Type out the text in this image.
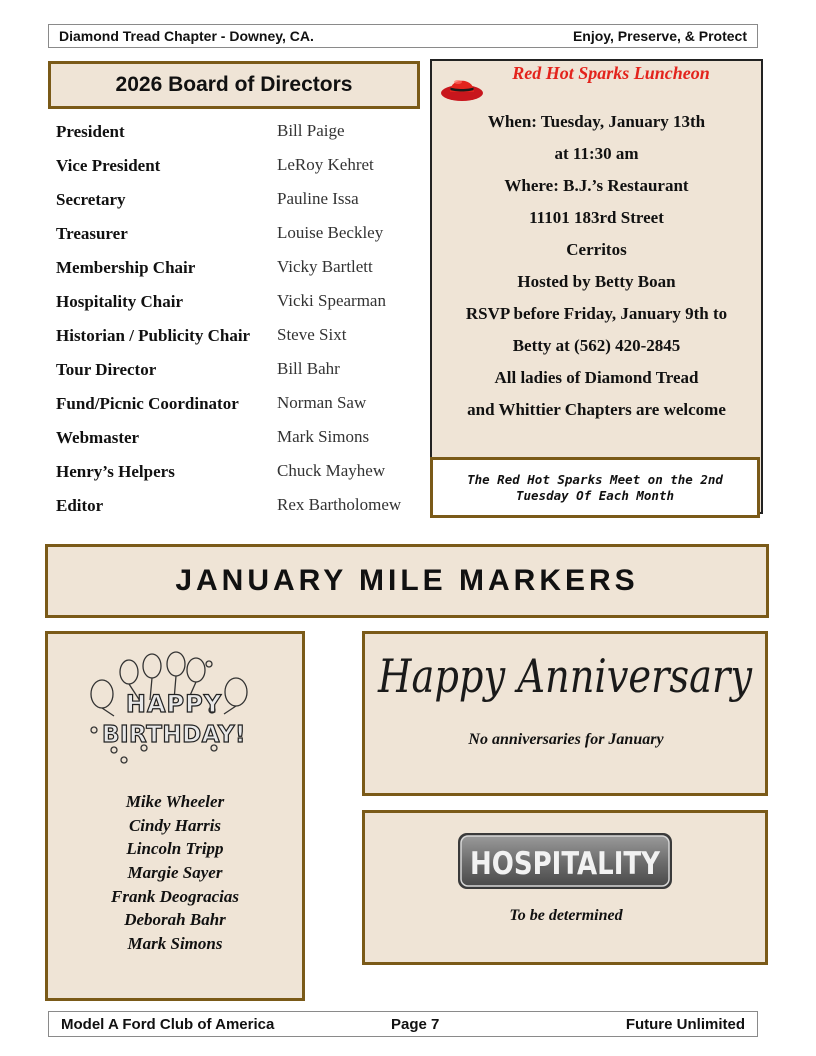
Diamond Tread Chapter - Downey, CA.	Enjoy, Preserve, & Protect
2026 Board of Directors
President	Bill Paige
Vice President	LeRoy Kehret
Secretary	Pauline Issa
Treasurer	Louise Beckley
Membership Chair	Vicky Bartlett
Hospitality Chair	Vicki Spearman
Historian / Publicity Chair	Steve Sixt
Tour Director	Bill Bahr
Fund/Picnic Coordinator	Norman Saw
Webmaster	Mark Simons
Henry’s Helpers	Chuck Mayhew
Editor	Rex Bartholomew
Red Hot Sparks Luncheon
When: Tuesday, January 13th
at 11:30 am
Where: B.J.’s Restaurant
11101 183rd Street
Cerritos
Hosted by Betty Boan
RSVP before Friday, January 9th to
Betty at (562) 420-2845
All ladies of Diamond Tread
and Whittier Chapters are welcome
The Red Hot Sparks Meet on the 2nd Tuesday Of Each Month
JANUARY MILE MARKERS
HAPPY
BIRTHDAY!
Mike Wheeler
Cindy Harris
Lincoln Tripp
Margie Sayer
Frank Deogracias
Deborah Bahr
Mark Simons
Happy Anniversary
No anniversaries for January
HOSPITALITY
To be determined
Model A Ford Club of America	Page 7	Future Unlimited
